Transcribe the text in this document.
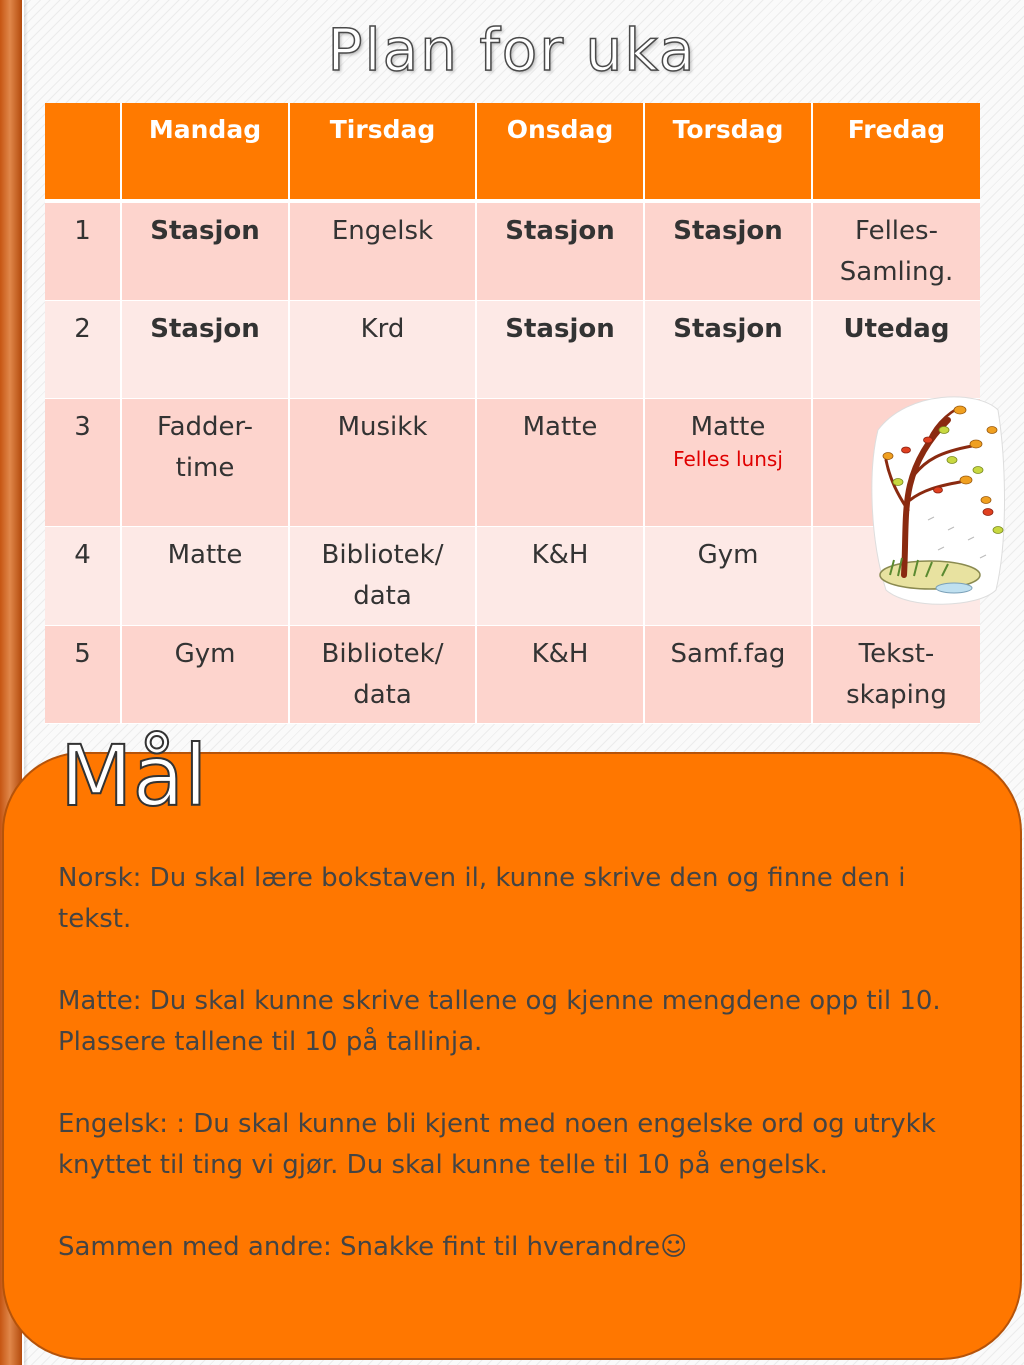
Plan for uka
	Mandag	Tirsdag	Onsdag	Torsdag	Fredag
1	Stasjon	Engelsk	Stasjon	Stasjon	Felles-
Samling.
2	Stasjon	Krd	Stasjon	Stasjon	Utedag
3	Fadder-
time	Musikk	Matte	Matte
Felles lunsj	

4	Matte	Bibliotek/
data	K&H	Gym	
5	Gym	Bibliotek/
data	K&H	Samf.fag	Tekst-
skaping
Mål

Norsk: Du skal lære bokstaven il, kunne skrive den og finne den i tekst.

Matte: Du skal kunne skrive tallene og kjenne mengdene opp til 10. Plassere tallene til 10 på tallinja.

Engelsk: : Du skal kunne bli kjent med noen engelske ord og utrykk knyttet til ting vi gjør. Du skal kunne telle til 10 på engelsk.

Sammen med andre: Snakke fint til hverandre☺
